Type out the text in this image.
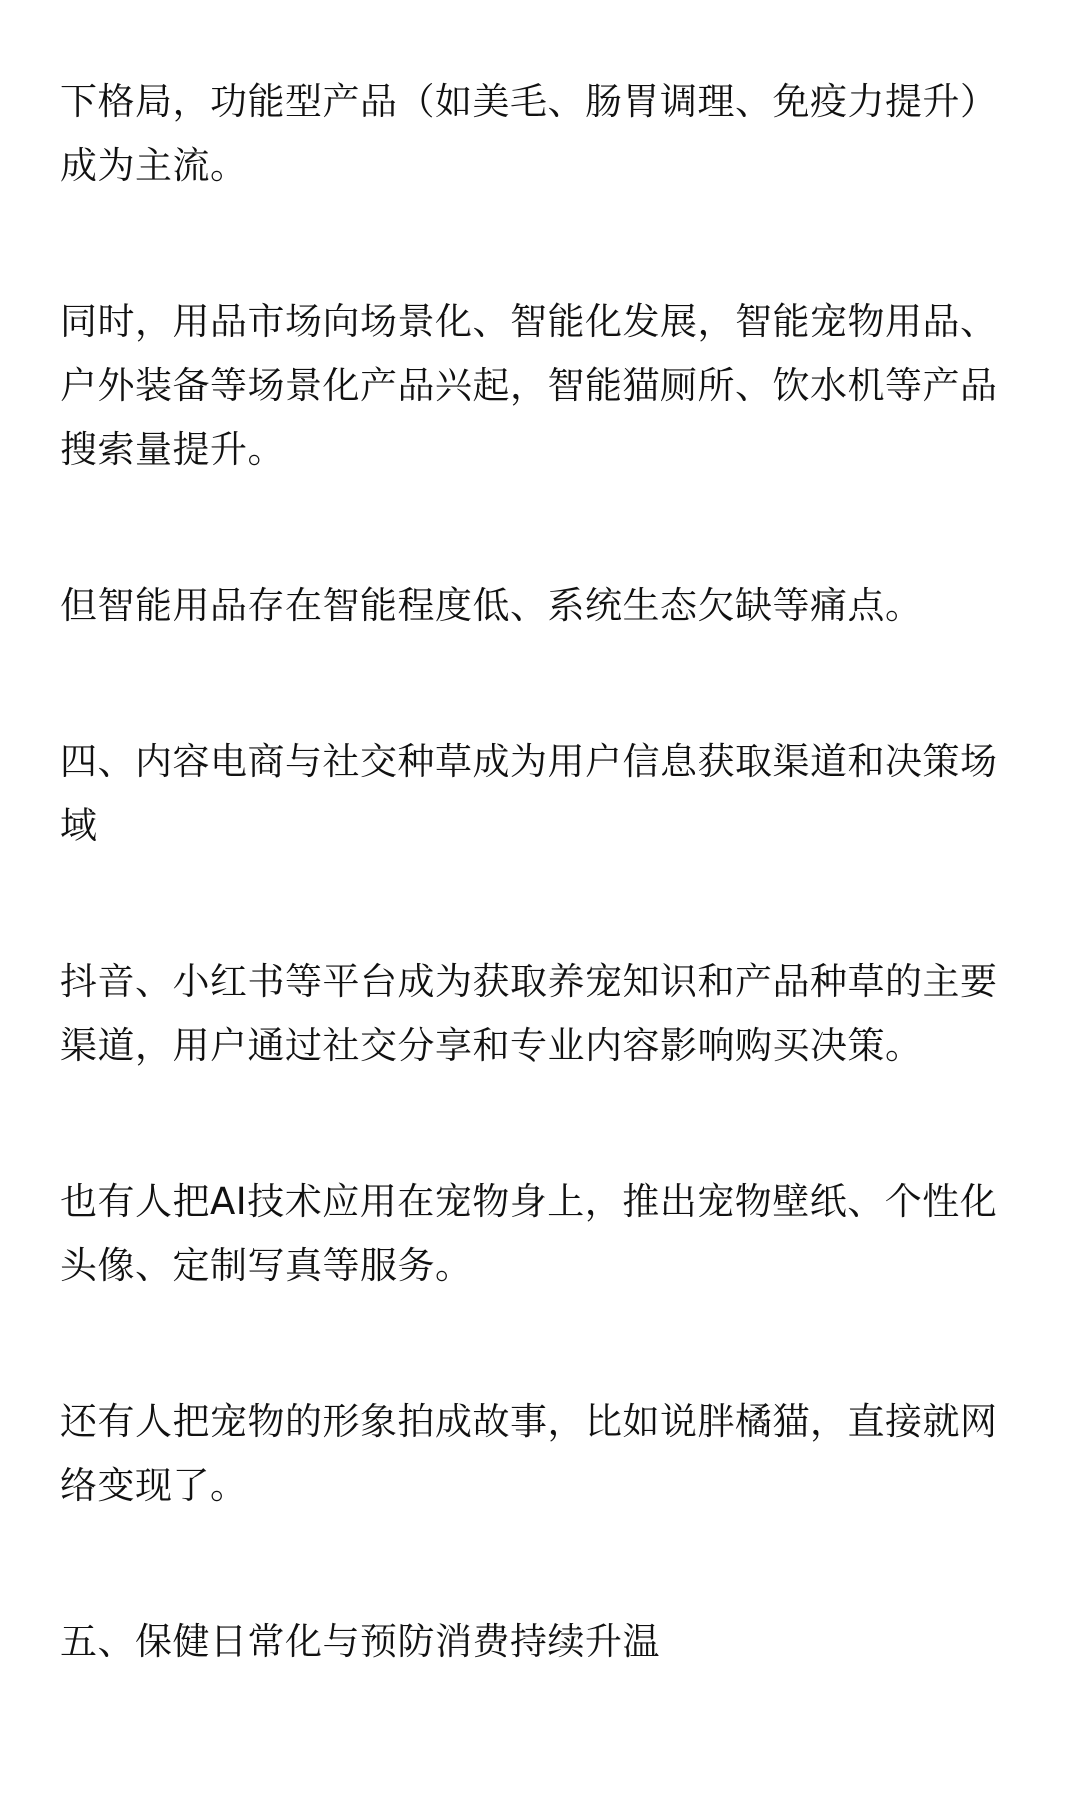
下格局，功能型产品（如美毛、肠胃调理、免疫力提升）成为主流。

同时，用品市场向场景化、智能化发展，智能宠物用品、户外装备等场景化产品兴起，智能猫厕所、饮水机等产品搜索量提升。

但智能用品存在智能程度低、系统生态欠缺等痛点。

四、内容电商与社交种草成为用户信息获取渠道和决策场域

抖音、小红书等平台成为获取养宠知识和产品种草的主要渠道，用户通过社交分享和专业内容影响购买决策。

也有人把AI技术应用在宠物身上，推出宠物壁纸、个性化头像、定制写真等服务。

还有人把宠物的形象拍成故事，比如说胖橘猫，直接就网络变现了。

五、保健日常化与预防消费持续升温
